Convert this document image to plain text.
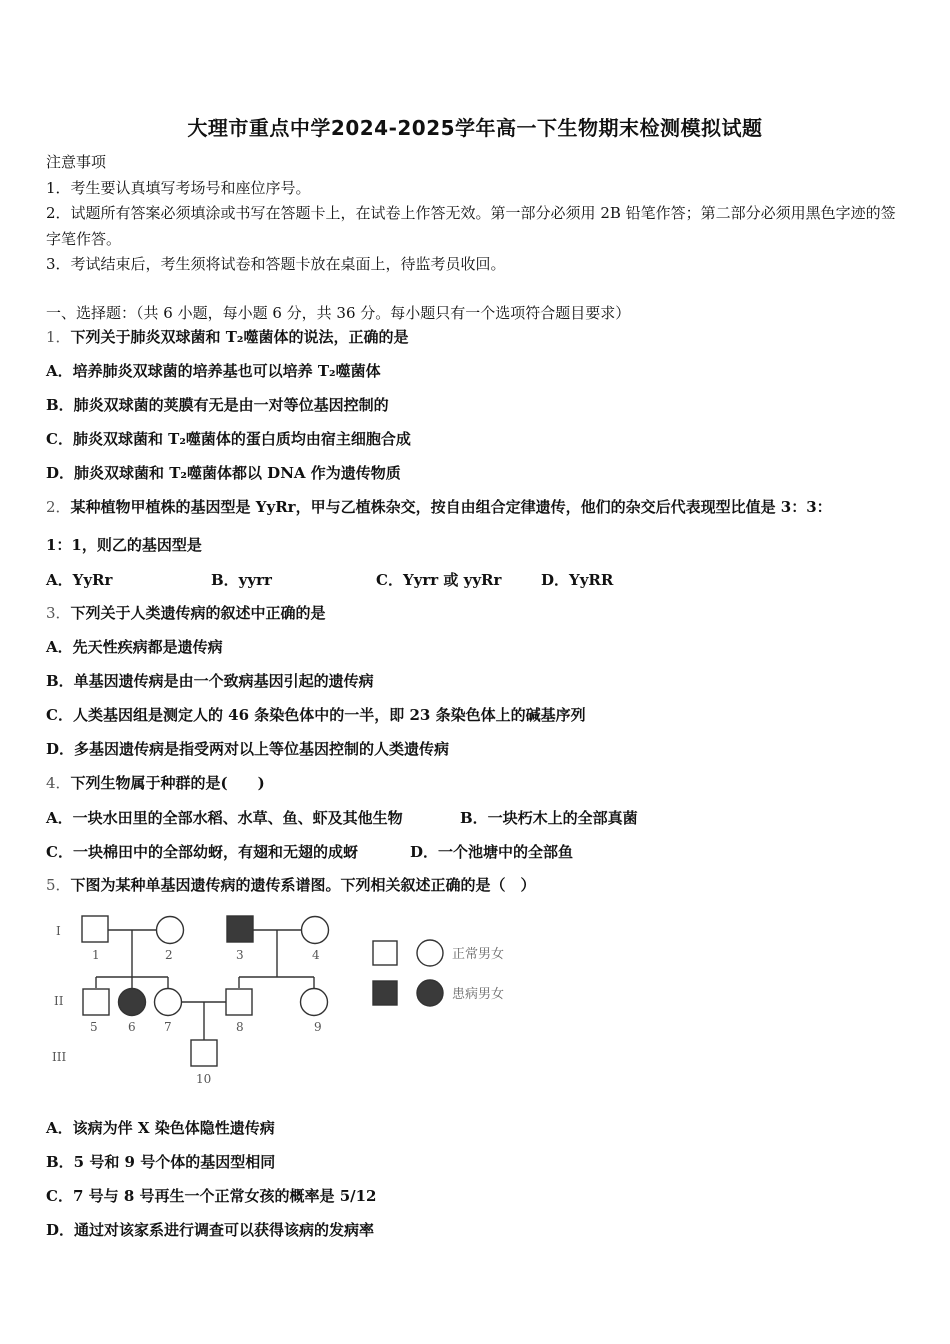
大理市重点中学2024-2025学年高一下生物期末检测模拟试题
注意事项
1．考生要认真填写考场号和座位序号。
2．试题所有答案必须填涂或书写在答题卡上，在试卷上作答无效。第一部分必须用 2B 铅笔作答；第二部分必须用黑色字迹的签字笔作答。
3．考试结束后，考生须将试卷和答题卡放在桌面上，待监考员收回。
一、选择题：（共 6 小题，每小题 6 分，共 36 分。每小题只有一个选项符合题目要求）
1．下列关于肺炎双球菌和 T₂噬菌体的说法，正确的是
A．培养肺炎双球菌的培养基也可以培养 T₂噬菌体
B．肺炎双球菌的荚膜有无是由一对等位基因控制的
C．肺炎双球菌和 T₂噬菌体的蛋白质均由宿主细胞合成
D．肺炎双球菌和 T₂噬菌体都以 DNA 作为遗传物质
2．某种植物甲植株的基因型是 YyRr，甲与乙植株杂交，按自由组合定律遗传，他们的杂交后代表现型比值是 3：3：
1：1，则乙的基因型是
A．YyRr	B．yyrr	C．Yyrr 或 yyRr	D．YyRR
3．下列关于人类遗传病的叙述中正确的是
A．先天性疾病都是遗传病
B．单基因遗传病是由一个致病基因引起的遗传病
C．人类基因组是测定人的 46 条染色体中的一半，即 23 条染色体上的碱基序列
D．多基因遗传病是指受两对以上等位基因控制的人类遗传病
4．下列生物属于种群的是(　　)
A．一块水田里的全部水稻、水草、鱼、虾及其他生物	B．一块朽木上的全部真菌
C．一块棉田中的全部幼蚜，有翅和无翅的成蚜	D．一个池塘中的全部鱼
5．下图为某种单基因遗传病的遗传系谱图。下列相关叙述正确的是（　）
I
II
III
1	2	3	4
5	6 7	8	9
10
正常男女
患病男女
A．该病为伴 X 染色体隐性遗传病
B．5 号和 9 号个体的基因型相同
C．7 号与 8 号再生一个正常女孩的概率是 5/12
D．通过对该家系进行调查可以获得该病的发病率
